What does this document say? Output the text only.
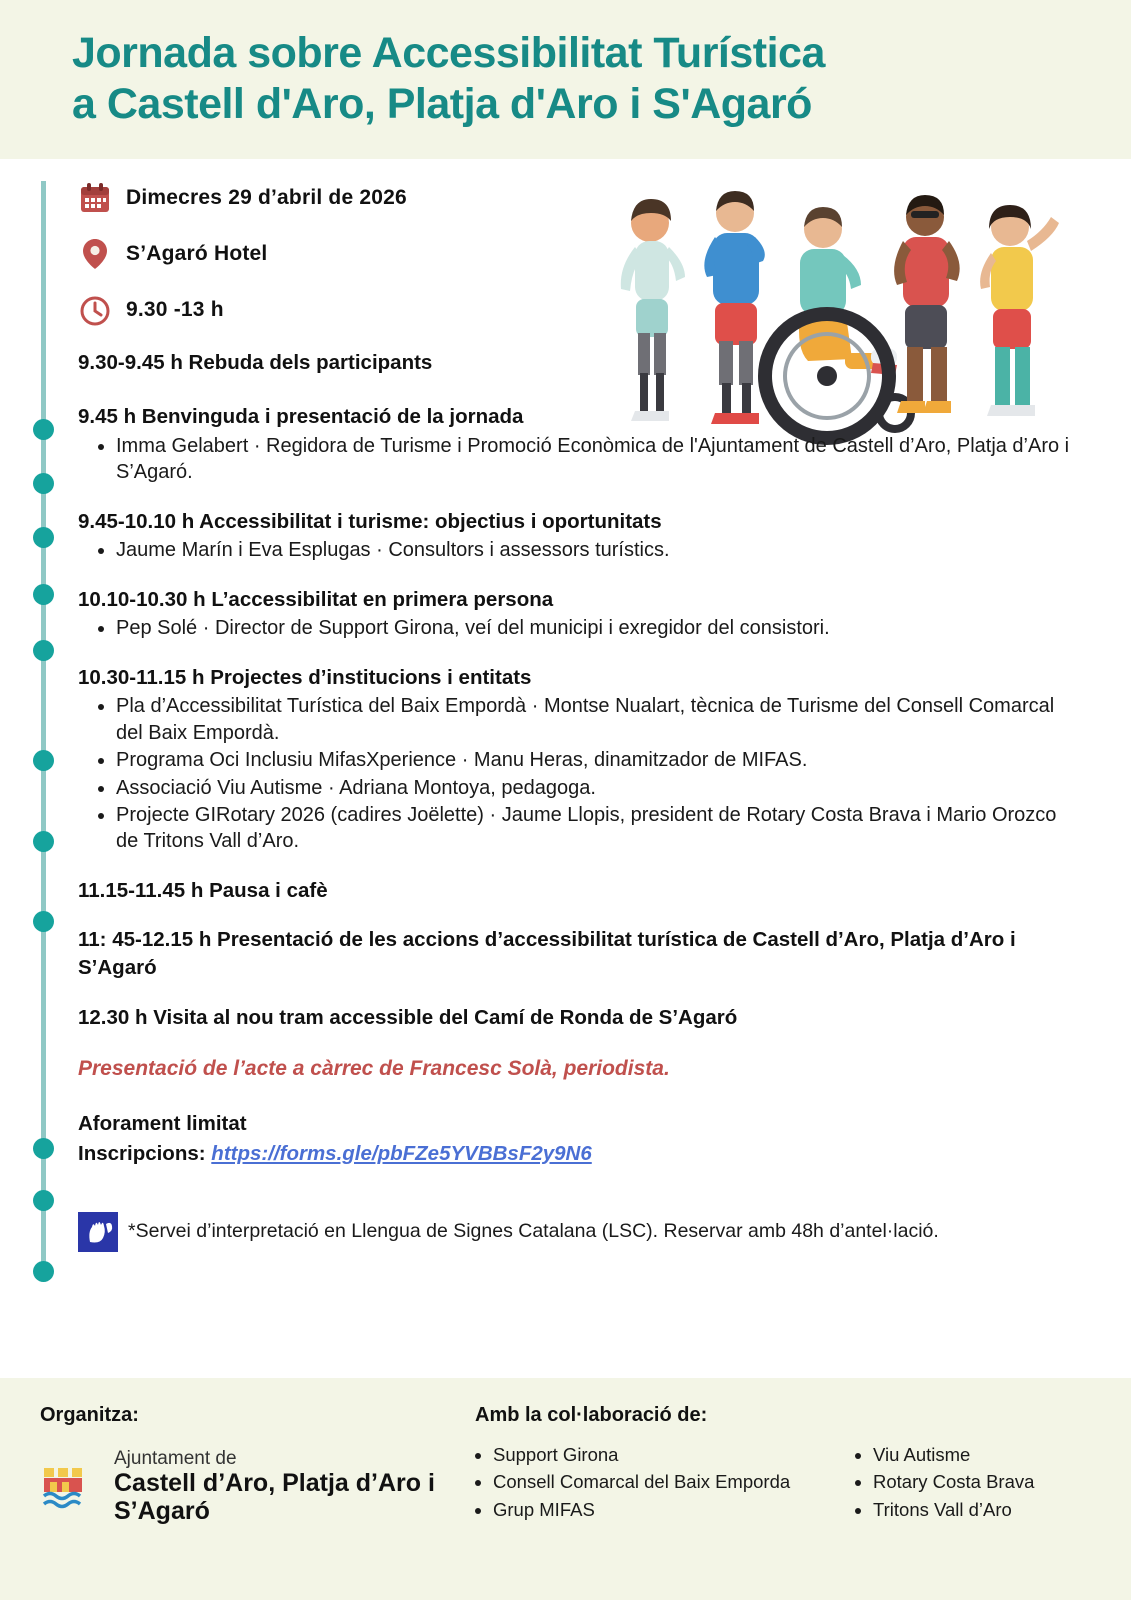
Jornada sobre Accessibilitat Turística
a Castell d'Aro, Platja d'Aro i S'Agaró
Dimecres 29 d’abril de 2026
S’Agaró Hotel
9.30 -13 h
9.30-9.45 h Rebuda dels participants
9.45 h Benvinguda i presentació de la jornada
• Imma Gelabert · Regidora de Turisme i Promoció Econòmica de l'Ajuntament de Castell d’Aro, Platja d’Aro i S’Agaró.
9.45-10.10 h Accessibilitat i turisme: objectius i oportunitats
• Jaume Marín i Eva Esplugas · Consultors i assessors turístics.
10.10-10.30 h L’accessibilitat en primera persona
• Pep Solé · Director de Support Girona, veí del municipi i exregidor del consistori.
10.30-11.15 h Projectes d’institucions i entitats
• Pla d’Accessibilitat Turística del Baix Empordà · Montse Nualart, tècnica de Turisme del Consell Comarcal del Baix Empordà.
• Programa Oci Inclusiu MifasXperience · Manu Heras, dinamitzador de MIFAS.
• Associació Viu Autisme · Adriana Montoya, pedagoga.
• Projecte GIRotary 2026 (cadires Joëlette) · Jaume Llopis, president de Rotary Costa Brava i Mario Orozco de Tritons Vall d’Aro.
11.15-11.45 h Pausa i cafè
11: 45-12.15 h Presentació de les accions d’accessibilitat turística de Castell d’Aro, Platja d’Aro i S’Agaró
12.30 h Visita al nou tram accessible del Camí de Ronda de S’Agaró
Presentació de l’acte a càrrec de Francesc Solà, periodista.
Aforament limitat
Inscripcions: https://forms.gle/pbFZe5YVBBsF2y9N6
*Servei d’interpretació en Llengua de Signes Catalana (LSC). Reservar amb 48h d’antel·lació.
Organitza:
Ajuntament de
Castell d’Aro, Platja d’Aro i S’Agaró
Amb la col·laboració de:
• Support Girona
• Consell Comarcal del Baix Emporda
• Grup MIFAS
• Viu Autisme
• Rotary Costa Brava
• Tritons Vall d’Aro
